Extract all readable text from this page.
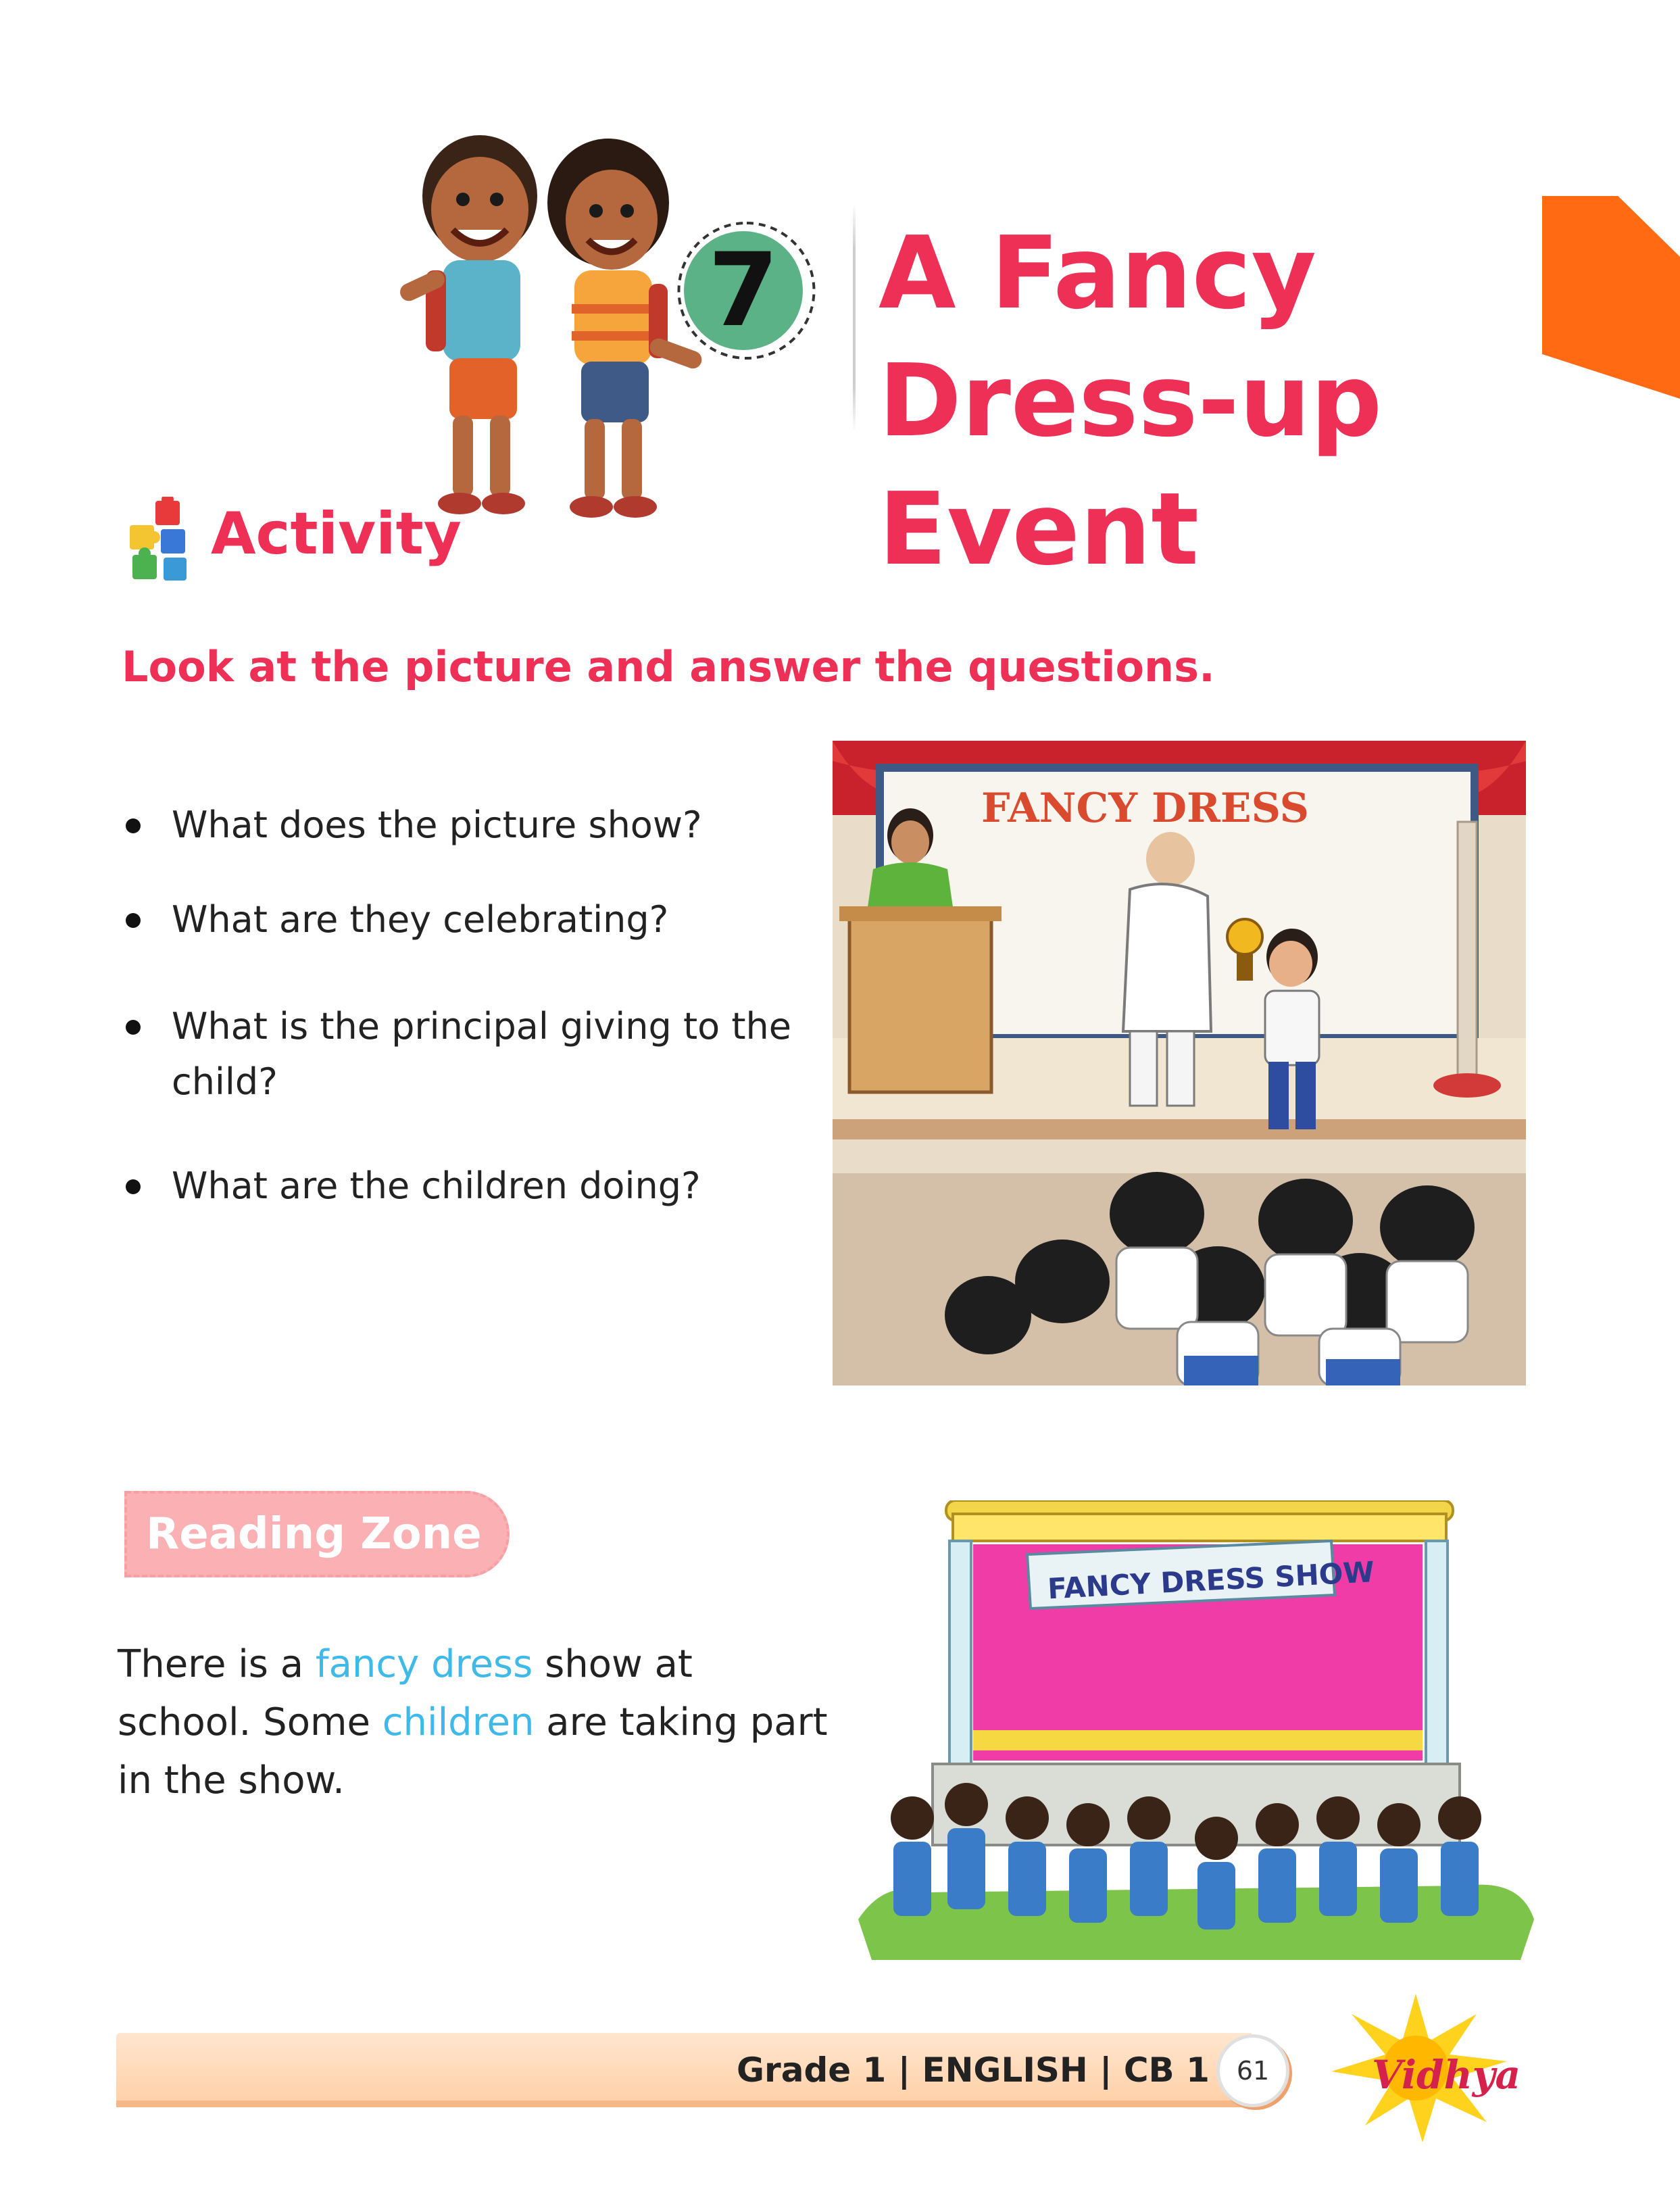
7 A Fancy
Dress-up
Event
Activity
Look at the picture and answer the questions.
What does the picture show?
What are they celebrating?
What is the principal giving to the child?
What are the children doing?
FANCY DRESS
Reading Zone
There is a fancy dress show at school. Some children are taking part in the show.
FANCY DRESS SHOW
Grade 1 | ENGLISH | CB 1	61	Vidhya
